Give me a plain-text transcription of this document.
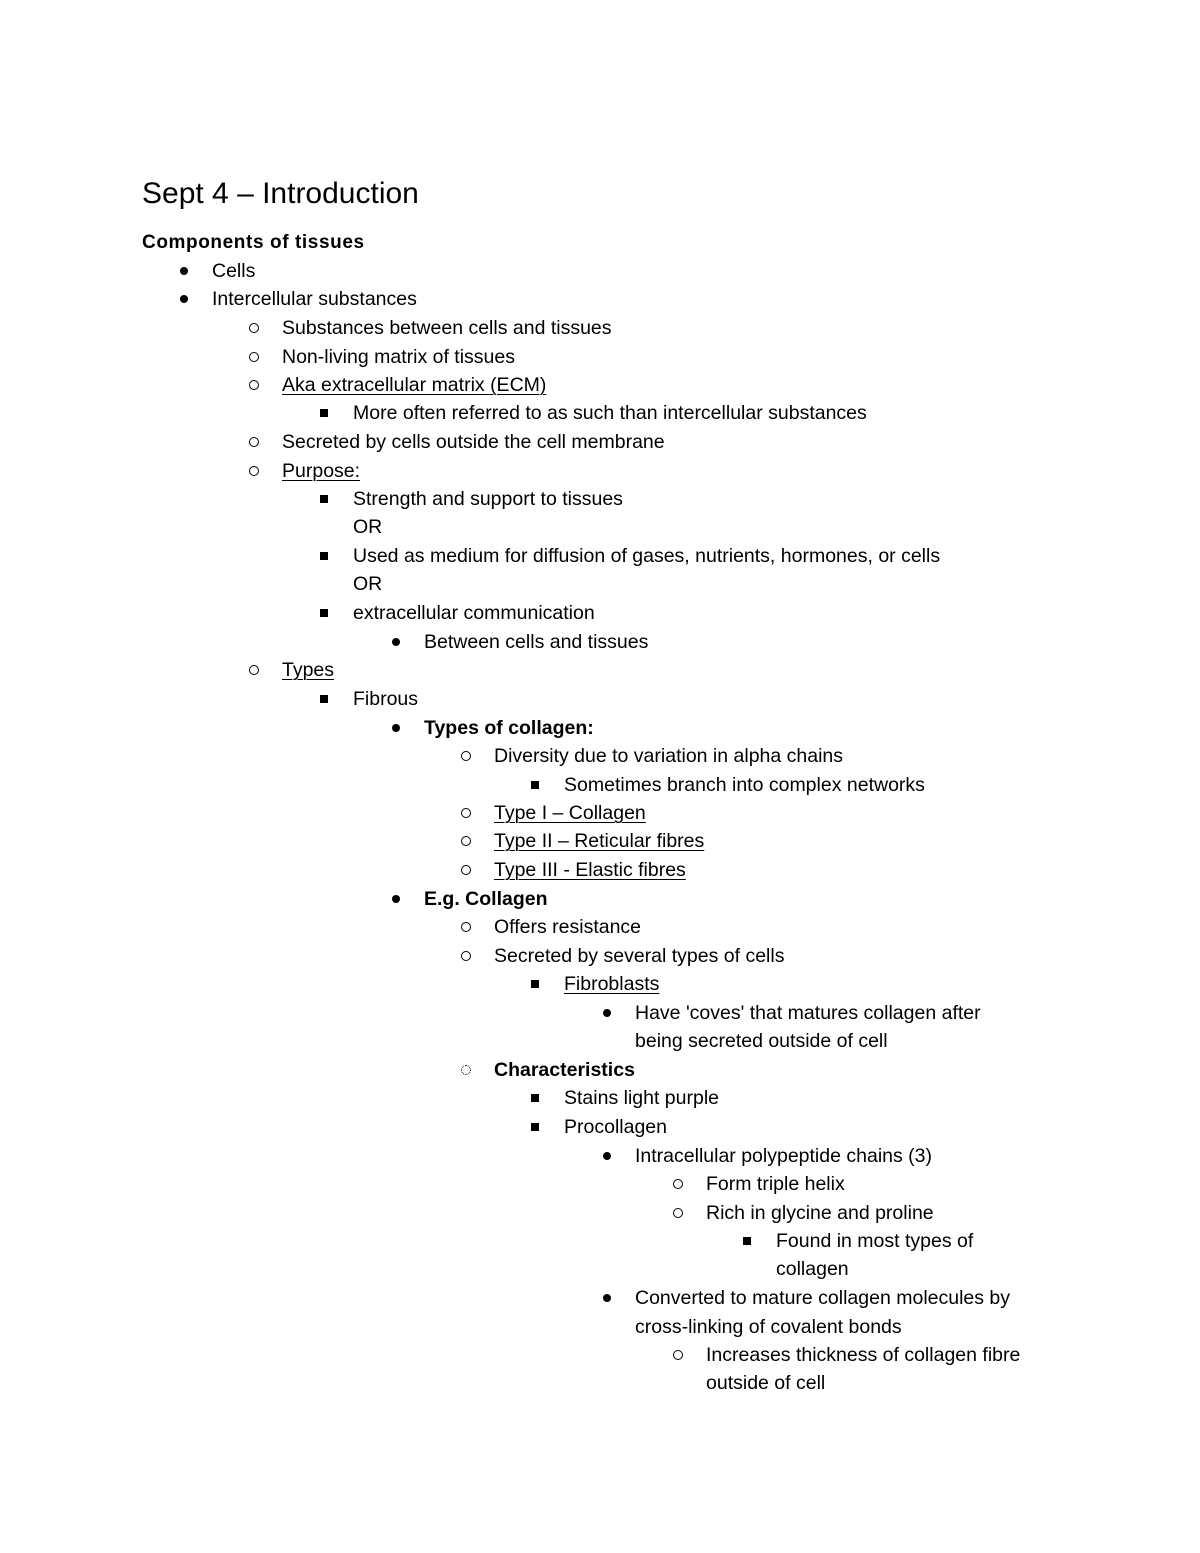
Sept 4 – Introduction
Components of tissues
Cells
Intercellular substances
Substances between cells and tissues
Non-living matrix of tissues
Aka extracellular matrix (ECM)
More often referred to as such than intercellular substances
Secreted by cells outside the cell membrane
Purpose:
Strength and support to tissues
OR
Used as medium for diffusion of gases, nutrients, hormones, or cells
OR
extracellular communication
Between cells and tissues
Types
Fibrous
Types of collagen:
Diversity due to variation in alpha chains
Sometimes branch into complex networks
Type I – Collagen
Type II – Reticular fibres
Type III - Elastic fibres
E.g. Collagen
Offers resistance
Secreted by several types of cells
Fibroblasts
Have 'coves' that matures collagen after
being secreted outside of cell
Characteristics
Stains light purple
Procollagen
Intracellular polypeptide chains (3)
Form triple helix
Rich in glycine and proline
Found in most types of
collagen
Converted to mature collagen molecules by
cross-linking of covalent bonds
Increases thickness of collagen fibre
outside of cell
